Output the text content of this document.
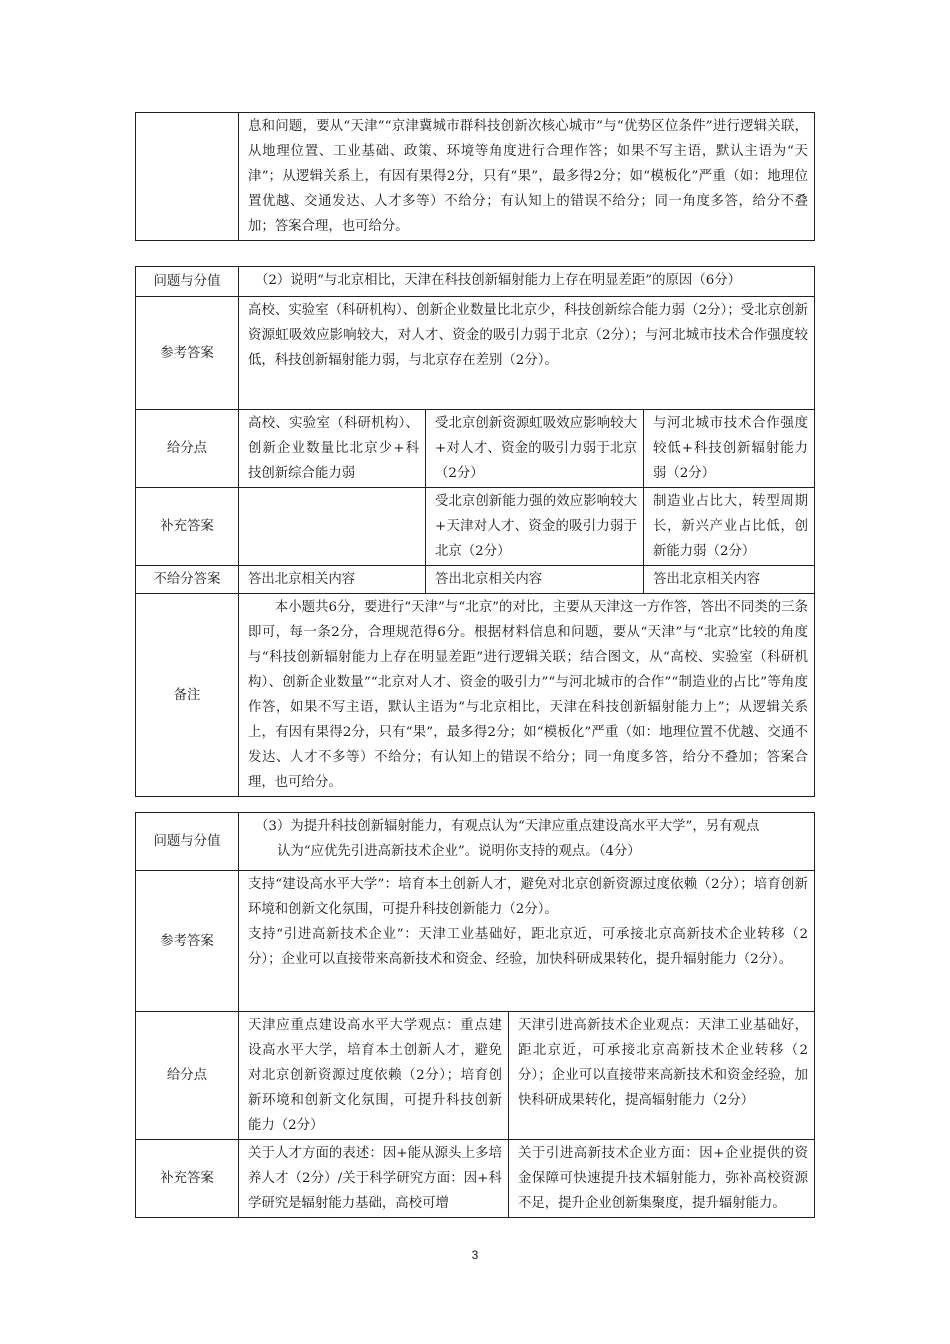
	息和问题，要从“天津”“京津冀城市群科技创新次核心城市”与“优势区位条件”进行逻辑关联，从地理位置、工业基础、政策、环境等角度进行合理作答；如果不写主语，默认主语为“天津”；从逻辑关系上，有因有果得2分，只有“果”，最多得2分；如“模板化”严重（如：地理位置优越、交通发达、人才多等）不给分；有认知上的错误不给分；同一角度多答，给分不叠加；答案合理，也可给分。
问题与分值	（2）说明“与北京相比，天津在科技创新辐射能力上存在明显差距”的原因（6分）		
参考答案	高校、实验室（科研机构）、创新企业数量比北京少，科技创新综合能力弱（2分）；受北京创新资源虹吸效应影响较大，对人才、资金的吸引力弱于北京（2分）；与河北城市技术合作强度较低，科技创新辐射能力弱，与北京存在差别（2分）。		
给分点	高校、实验室（科研机构）、创新企业数量比北京少+科技创新综合能力弱	受北京创新资源虹吸效应影响较大+对人才、资金的吸引力弱于北京（2分）	与河北城市技术合作强度较低+科技创新辐射能力弱（2分）
补充答案		受北京创新能力强的效应影响较大+天津对人才、资金的吸引力弱于北京（2分）	制造业占比大，转型周期长，新兴产业占比低，创新能力弱（2分）
不给分答案	答出北京相关内容	答出北京相关内容	答出北京相关内容
备注	本小题共6分，要进行“天津”与“北京”的对比，主要从天津这一方作答，答出不同类的三条即可，每一条2分，合理规范得6分。根据材料信息和问题，要从“天津”与“北京”比较的角度与“科技创新辐射能力上存在明显差距”进行逻辑关联；结合图文，从“高校、实验室（科研机构）、创新企业数量”“北京对人才、资金的吸引力”“与河北城市的合作”“制造业的占比”等角度作答，如果不写主语，默认主语为“与北京相比，天津在科技创新辐射能力上”；从逻辑关系上，有因有果得2分，只有“果”，最多得2分；如“模板化”严重（如：地理位置不优越、交通不发达、人才不多等）不给分；有认知上的错误不给分；同一角度多答，给分不叠加；答案合理，也可给分。		
问题与分值	（3）为提升科技创新辐射能力，有观点认为“天津应重点建设高水平大学”，另有观点

认为“应优先引进高新技术企业”。说明你支持的观点。（4分）	

参考答案	支持“建设高水平大学”：培育本土创新人才，避免对北京创新资源过度依赖（2分）；培育创新环境和创新文化氛围，可提升科技创新能力（2分）。
支持“引进高新技术企业”：天津工业基础好，距北京近，可承接北京高新技术企业转移（2分）；企业可以直接带来高新技术和资金、经验，加快科研成果转化，提升辐射能力（2分）。	

给分点	天津应重点建设高水平大学观点：重点建设高水平大学，培育本土创新人才，避免对北京创新资源过度依赖（2分）；培育创新环境和创新文化氛围，可提升科技创新能力（2分）	天津引进高新技术企业观点：天津工业基础好，距北京近，可承接北京高新技术企业转移（2分）；企业可以直接带来高新技术和资金经验，加快科研成果转化，提高辐射能力（2分）
补充答案	关于人才方面的表述：因+能从源头上多培养人才（2分）/关于科学研究方面：因+科学研究是辐射能力基础，高校可增	关于引进高新技术企业方面：因+企业提供的资金保障可快速提升技术辐射能力，弥补高校资源不足，提升企业创新集聚度，提升辐射能力。
3
